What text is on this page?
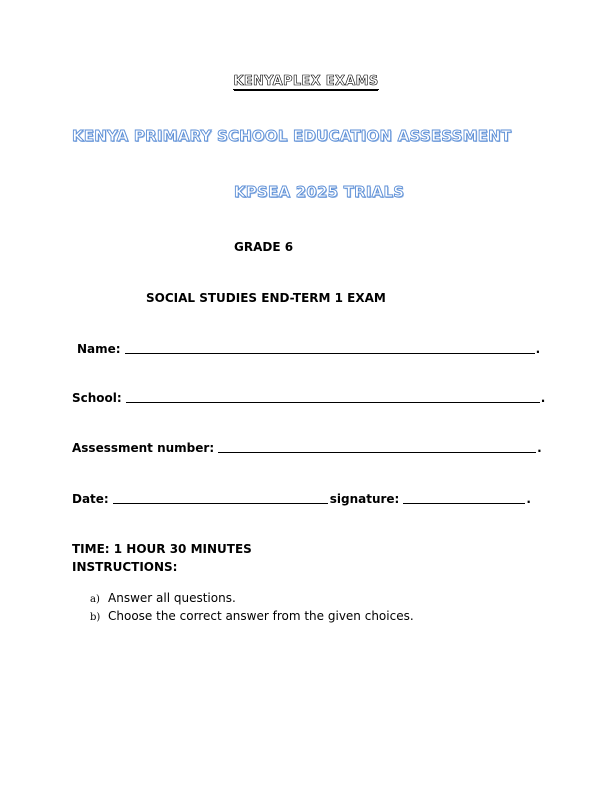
KENYAPLEX EXAMS
KENYA PRIMARY SCHOOL EDUCATION ASSESSMENT
KPSEA 2025 TRIALS
GRADE 6
SOCIAL STUDIES END-TERM 1 EXAM
Name:	.
School:	.
Assessment number:	.
Date:	signature:	.
TIME: 1 HOUR 30 MINUTES
INSTRUCTIONS:
a) Answer all questions.
b) Choose the correct answer from the given choices.
